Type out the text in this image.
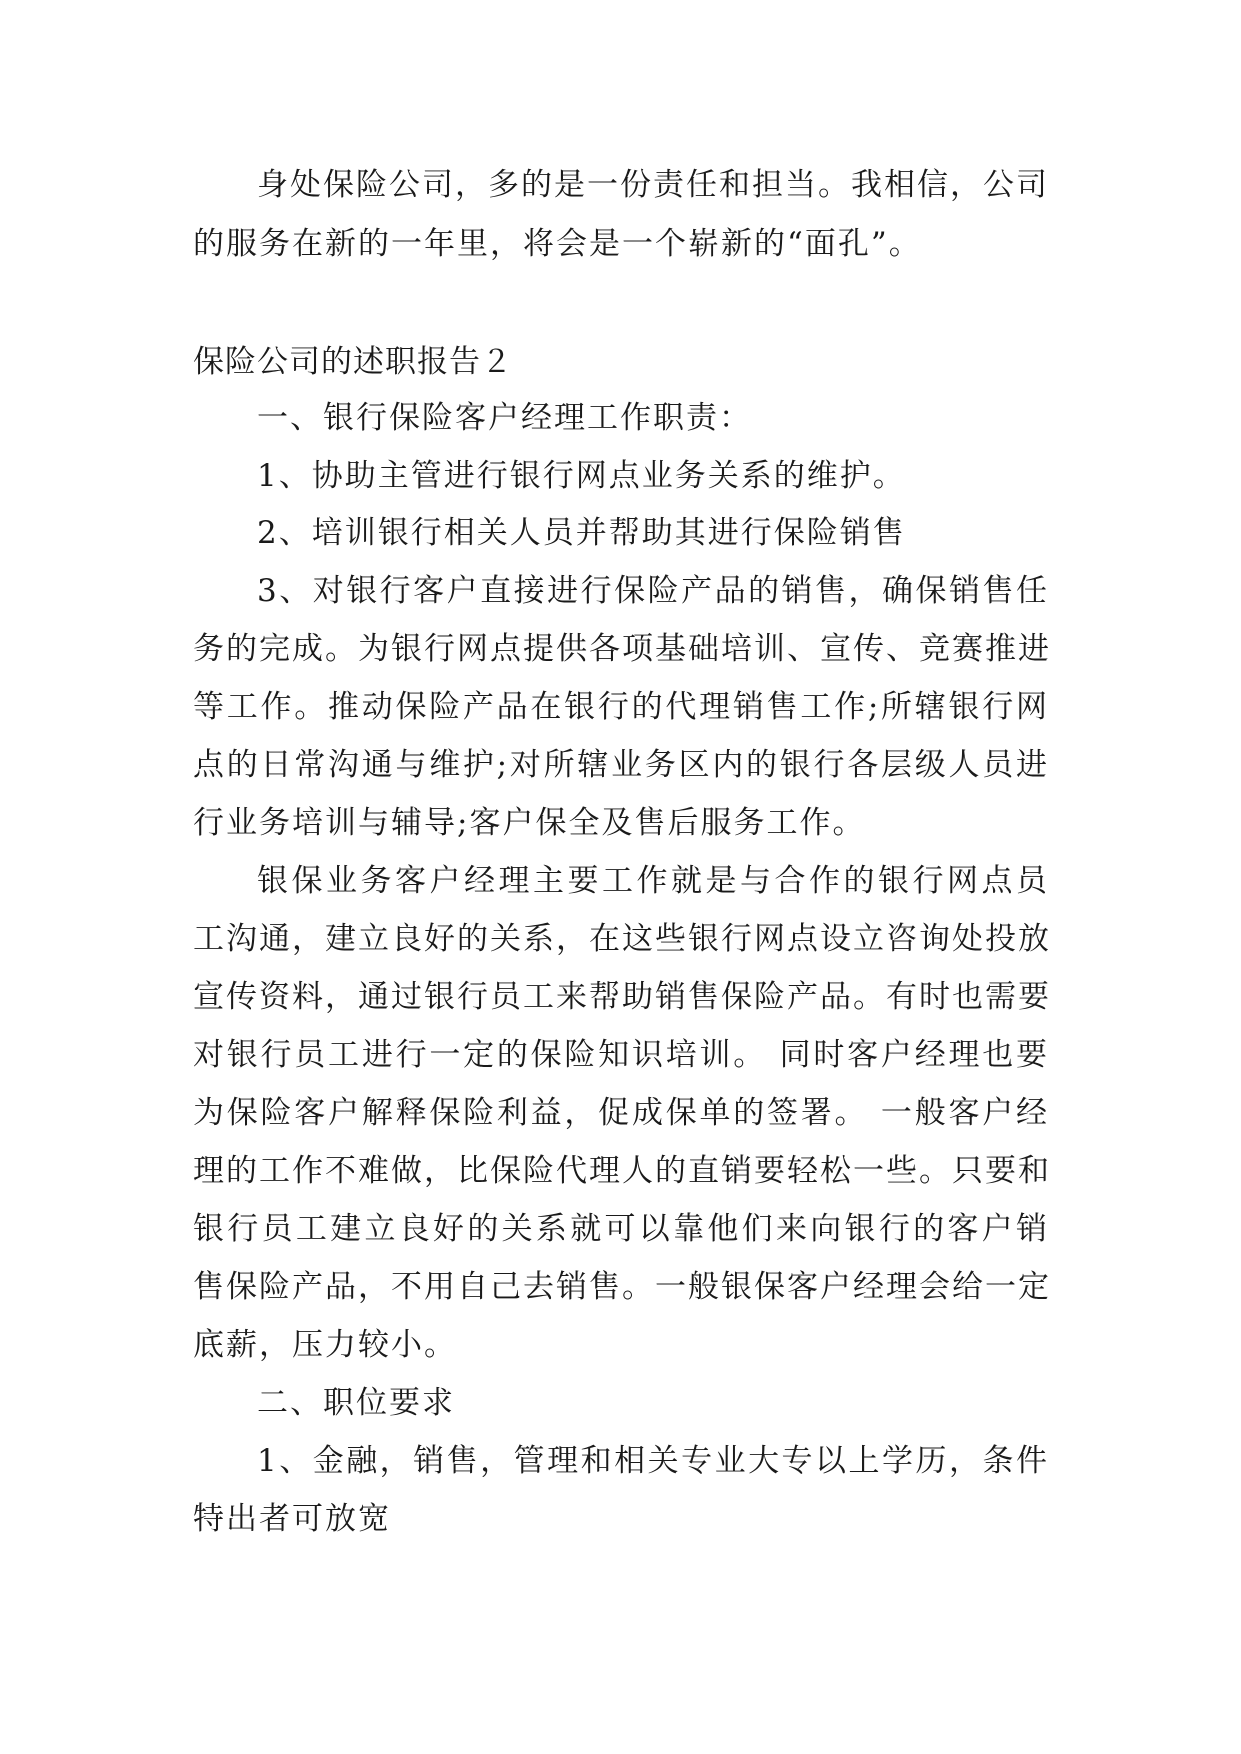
身处保险公司，多的是一份责任和担当。我相信，公司
的服务在新的一年里，将会是一个崭新的“面孔”。
保险公司的述职报告２
一、银行保险客户经理工作职责：
1、协助主管进行银行网点业务关系的维护。
2、培训银行相关人员并帮助其进行保险销售
3、对银行客户直接进行保险产品的销售，确保销售任
务的完成。为银行网点提供各项基础培训、宣传、竞赛推进
等工作。推动保险产品在银行的代理销售工作;所辖银行网
点的日常沟通与维护;对所辖业务区内的银行各层级人员进
行业务培训与辅导;客户保全及售后服务工作。
银保业务客户经理主要工作就是与合作的银行网点员
工沟通，建立良好的关系，在这些银行网点设立咨询处投放
宣传资料，通过银行员工来帮助销售保险产品。有时也需要
对银行员工进行一定的保险知识培训。 同时客户经理也要
为保险客户解释保险利益，促成保单的签署。 一般客户经
理的工作不难做，比保险代理人的直销要轻松一些。只要和
银行员工建立良好的关系就可以靠他们来向银行的客户销
售保险产品，不用自己去销售。一般银保客户经理会给一定
底薪，压力较小。
二、职位要求
1、金融，销售，管理和相关专业大专以上学历，条件
特出者可放宽
